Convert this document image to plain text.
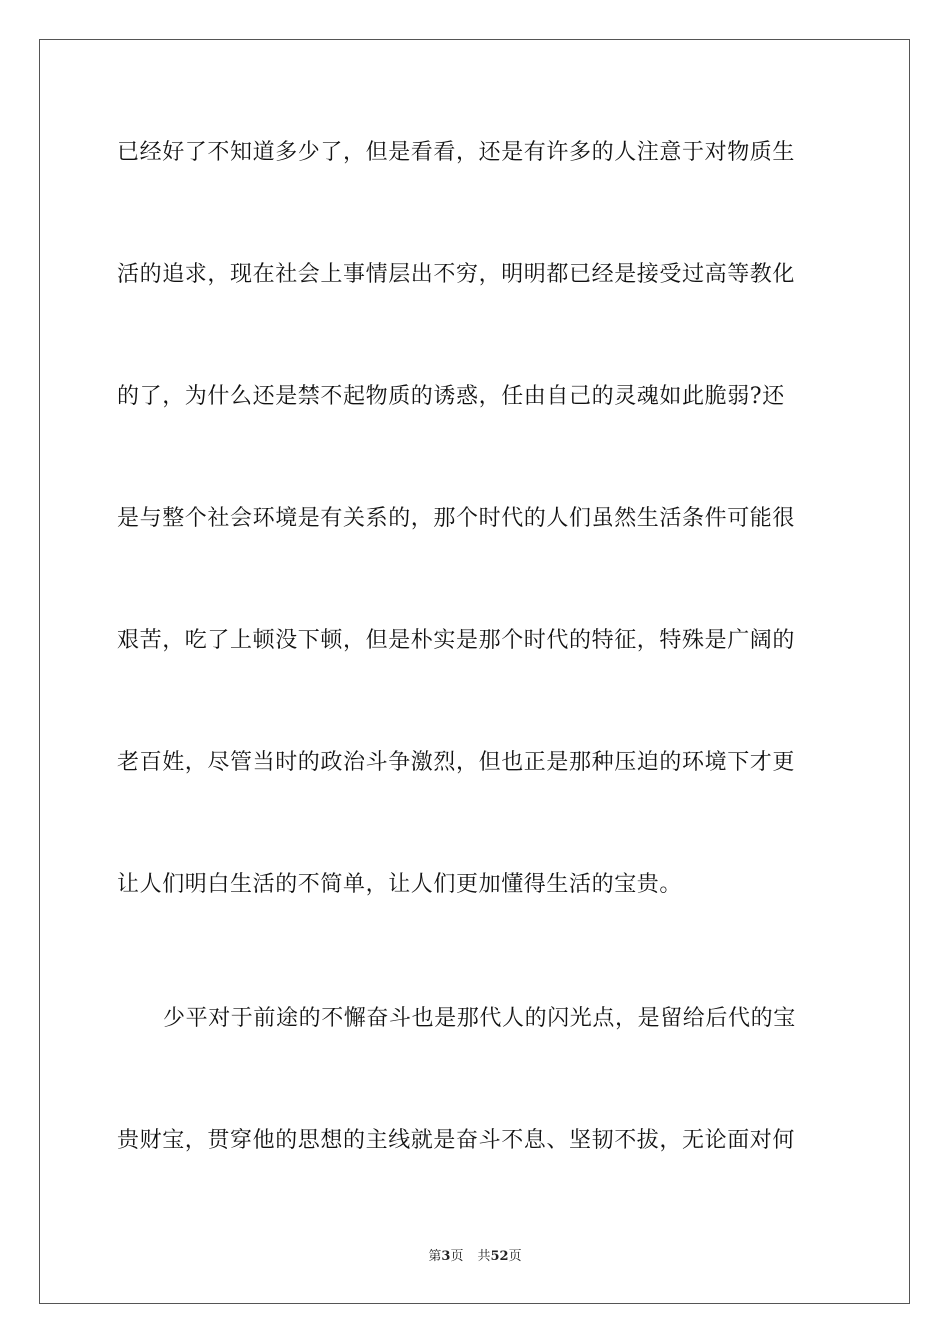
已经好了不知道多少了，但是看看，还是有许多的人注意于对物质生
活的追求，现在社会上事情层出不穷，明明都已经是接受过高等教化
的了，为什么还是禁不起物质的诱惑，任由自己的灵魂如此脆弱?还
是与整个社会环境是有关系的，那个时代的人们虽然生活条件可能很
艰苦，吃了上顿没下顿，但是朴实是那个时代的特征，特殊是广阔的
老百姓，尽管当时的政治斗争激烈，但也正是那种压迫的环境下才更
让人们明白生活的不简单，让人们更加懂得生活的宝贵。
少平对于前途的不懈奋斗也是那代人的闪光点，是留给后代的宝
贵财宝，贯穿他的思想的主线就是奋斗不息、坚韧不拔，无论面对何
第3页 共52页
